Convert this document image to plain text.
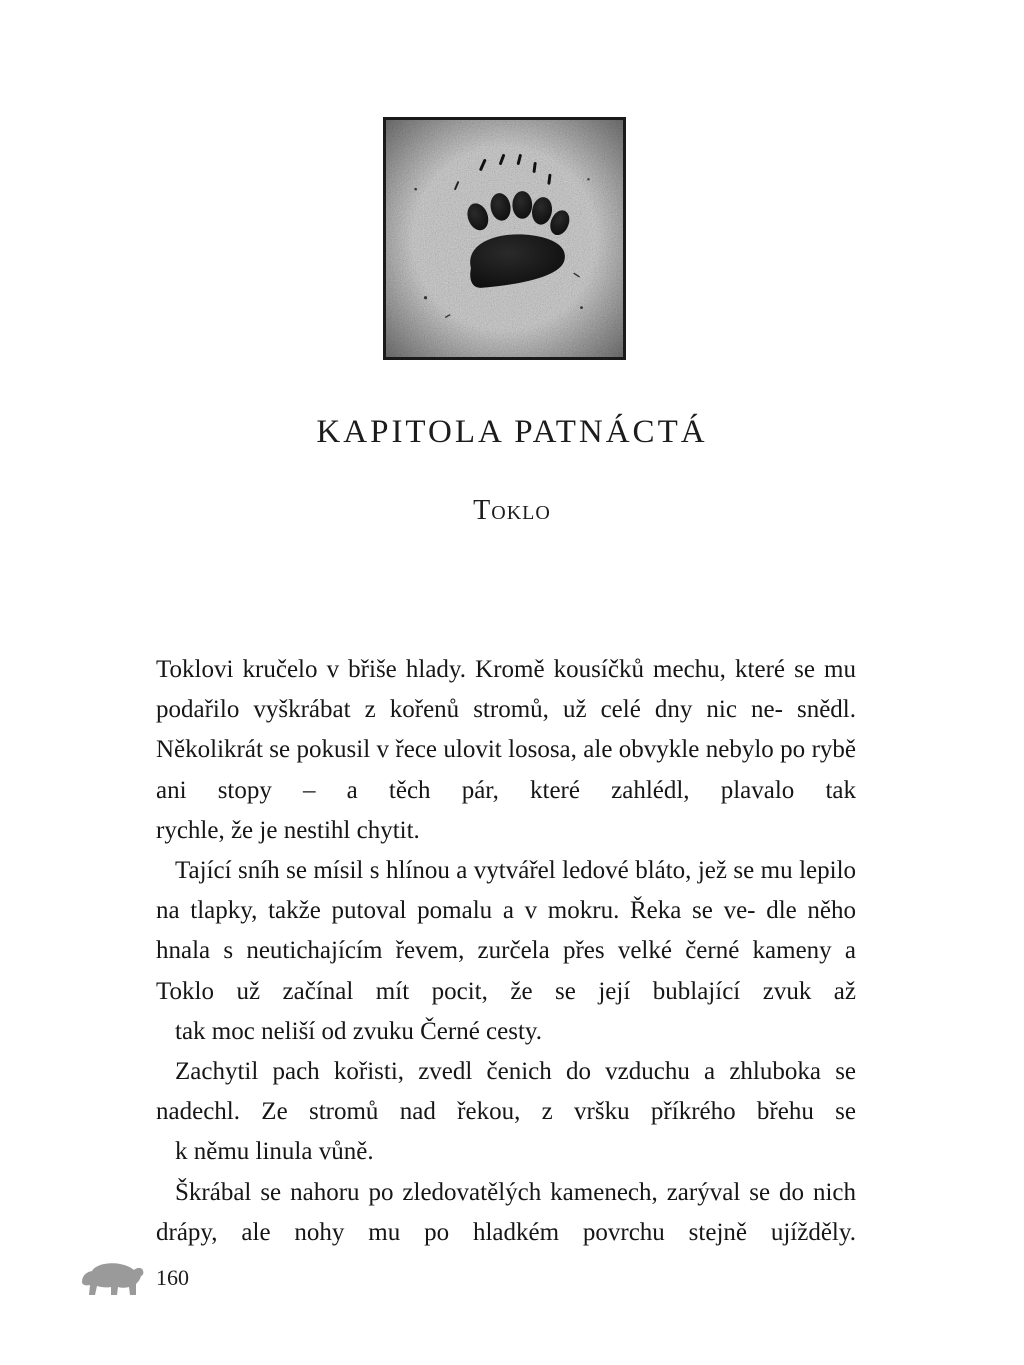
KAPITOLA PATNÁCTÁ
Toklo

Toklovi kručelo v břiše hlady. Kromě kousíčků mechu, které se mu podařilo vyškrábat z kořenů stromů, už celé dny nic ne- snědl. Několikrát se pokusil v řece ulovit lososa, ale obvykle nebylo po rybě ani stopy – a těch pár, které zahlédl, plavalo tak
rychle, že je nestihl chytit.

Tající sníh se mísil s hlínou a vytvářel ledové bláto, jež se mu lepilo na tlapky, takže putoval pomalu a v mokru. Řeka se ve- dle něho hnala s neutichajícím řevem, zurčela přes velké černé kameny a Toklo už začínal mít pocit, že se její bublající zvuk až
tak moc neliší od zvuku Černé cesty.

Zachytil pach kořisti, zvedl čenich do vzduchu a zhluboka se nadechl. Ze stromů nad řekou, z vršku příkrého břehu se
k němu linula vůně.

Škrábal se nahoru po zledovatělých kamenech, zarýval se do nich drápy, ale nohy mu po hladkém povrchu stejně ujížděly.

160
